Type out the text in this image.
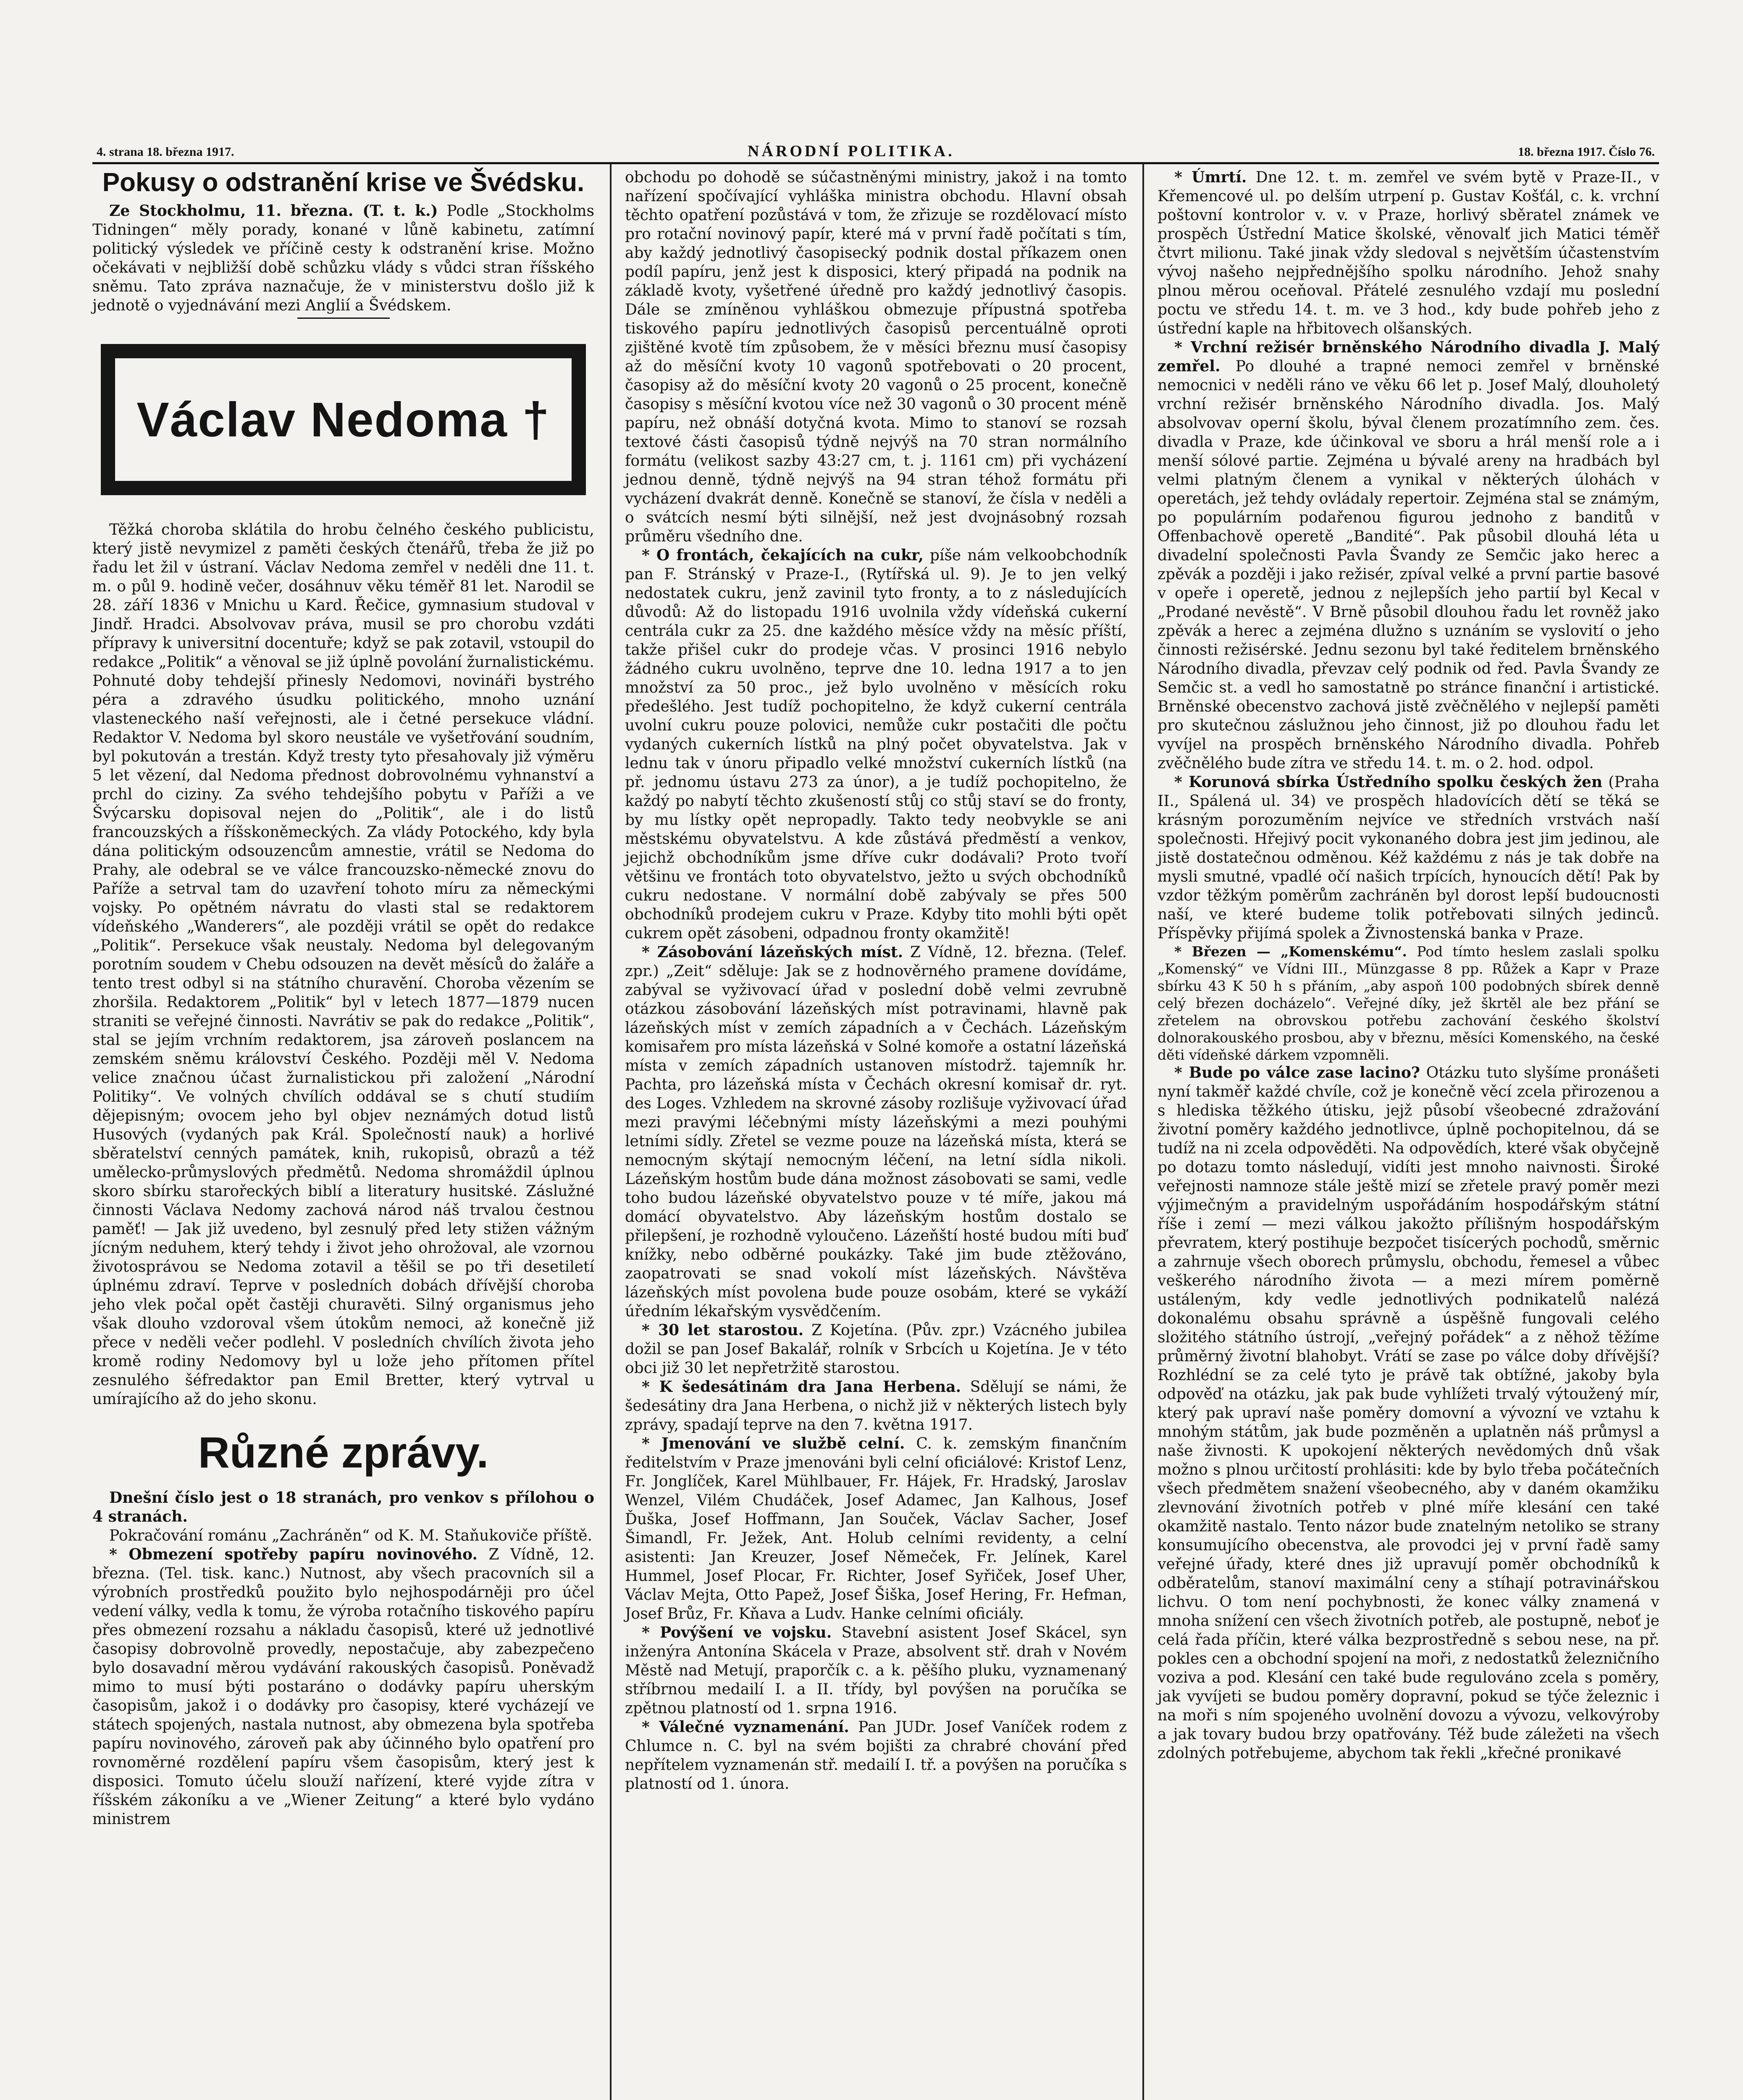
4. strana 18. března 1917.	NÁRODNÍ POLITIKA.	18. března 1917. Číslo 76.
Pokusy o odstranění krise ve Švédsku.

Ze Stockholmu, 11. března. (T. t. k.) Podle „Stockholms Tidningen“ měly porady, konané v lůně kabinetu, zatímní politický výsledek ve příčině cesty k odstranění krise. Možno očekávati v nejbližší době schůzku vlády s vůdci stran říšského sněmu. Tato zpráva naznačuje, že v ministerstvu došlo již k jednotě o vyjednávání mezi Anglií a Švédskem.

Václav Nedoma †

Těžká choroba sklátila do hrobu čelného českého publicistu, který jistě nevymizel z paměti českých čtenářů, třeba že již po řadu let žil v ústraní. Václav Nedoma zemřel v neděli dne 11. t. m. o půl 9. hodině večer, dosáhnuv věku téměř 81 let. Narodil se 28. září 1836 v Mnichu u Kard. Řečice, gymnasium studoval v Jindř. Hradci. Absolvovav práva, musil se pro chorobu vzdáti přípravy k universitní docentuře; když se pak zotavil, vstoupil do redakce „Politik“ a věnoval se již úplně povolání žurnalistickému. Pohnuté doby tehdejší přinesly Nedomovi, novináři bystrého péra a zdravého úsudku politického, mnoho uznání vlasteneckého naší veřejnosti, ale i četné persekuce vládní. Redaktor V. Nedoma byl skoro neustále ve vyšetřování soudním, byl pokutován a trestán. Když tresty tyto přesahovaly již výměru 5 let vězení, dal Nedoma přednost dobrovolnému vyhnanství a prchl do ciziny. Za svého tehdejšího pobytu v Paříži a ve Švýcarsku dopisoval nejen do „Politik“, ale i do listů francouzských a říšskoněmeckých. Za vlády Potockého, kdy byla dána politickým odsouzencům amnestie, vrátil se Nedoma do Prahy, ale odebral se ve válce francouzsko-německé znovu do Paříže a setrval tam do uzavření tohoto míru za německými vojsky. Po opětném návratu do vlasti stal se redaktorem vídeňského „Wanderers“, ale později vrátil se opět do redakce „Politik“. Persekuce však neustaly. Nedoma byl delegovaným porotním soudem v Chebu odsouzen na devět měsíců do žaláře a tento trest odbyl si na státního churavění. Choroba vězením se zhoršila. Redaktorem „Politik“ byl v letech 1877—1879 nucen straniti se veřejné činnosti. Navrátiv se pak do redakce „Politik“, stal se jejím vrchním redaktorem, jsa zároveň poslancem na zemském sněmu království Českého. Později měl V. Nedoma velice značnou účast žurnalistickou při založení „Národní Politiky“. Ve volných chvílích oddával se s chutí studiím dějepisným; ovocem jeho byl objev neznámých dotud listů Husových (vydaných pak Král. Společností nauk) a horlivé sběratelství cenných památek, knih, rukopisů, obrazů a též umělecko-průmyslových předmětů. Nedoma shromáždil úplnou skoro sbírku starořeckých biblí a literatury husitské. Záslužné činnosti Václava Nedomy zachová národ náš trvalou čestnou paměť! — Jak již uvedeno, byl zesnulý před lety stižen vážným jícným neduhem, který tehdy i život jeho ohrožoval, ale vzornou životosprávou se Nedoma zotavil a těšil se po tři desetiletí úplnému zdraví. Teprve v posledních dobách dřívější choroba jeho vlek počal opět častěji churavěti. Silný organismus jeho však dlouho vzdoroval všem útokům nemoci, až konečně již přece v neděli večer podlehl. V posledních chvílích života jeho kromě rodiny Nedomovy byl u lože jeho přítomen přítel zesnulého šéfredaktor pan Emil Bretter, který vytrval u umírajícího až do jeho skonu.

Různé zprávy.

Dnešní číslo jest o 18 stranách, pro venkov s přílohou o 4 stranách.

Pokračování románu „Zachráněn“ od K. M. Staňukoviče příště.

* Obmezení spotřeby papíru novinového. Z Vídně, 12. března. (Tel. tisk. kanc.) Nutnost, aby všech pracovních sil a výrobních prostředků použito bylo nejhospodárněji pro účel vedení války, vedla k tomu, že výroba rotačního tiskového papíru přes obmezení rozsahu a nákladu časopisů, které už jednotlivé časopisy dobrovolně provedly, nepostačuje, aby zabezpečeno bylo dosavadní měrou vydávání rakouských časopisů. Poněvadž mimo to musí býti postaráno o dodávky papíru uherským časopisům, jakož i o dodávky pro časopisy, které vycházejí ve státech spojených, nastala nutnost, aby obmezena byla spotřeba papíru novinového, zároveň pak aby účinného bylo opatření pro rovnoměrné rozdělení papíru všem časopisům, který jest k disposici. Tomuto účelu slouží nařízení, které vyjde zítra v říšském zákoníku a ve „Wiener Zeitung“ a které bylo vydáno ministrem

obchodu po dohodě se súčastněnými ministry, jakož i na tomto nařízení spočívající vyhláška ministra obchodu. Hlavní obsah těchto opatření pozůstává v tom, že zřizuje se rozdělovací místo pro rotační novinový papír, které má v první řadě počítati s tím, aby každý jednotlivý časopisecký podnik dostal příkazem onen podíl papíru, jenž jest k disposici, který připadá na podnik na základě kvoty, vyšetřené úředně pro každý jednotlivý časopis. Dále se zmíněnou vyhláškou obmezuje přípustná spotřeba tiskového papíru jednotlivých časopisů percentuálně oproti zjištěné kvotě tím způsobem, že v měsíci březnu musí časopisy až do měsíční kvoty 10 vagonů spotřebovati o 20 procent, časopisy až do měsíční kvoty 20 vagonů o 25 procent, konečně časopisy s měsíční kvotou více než 30 vagonů o 30 procent méně papíru, než obnáší dotyčná kvota. Mimo to stanoví se rozsah textové části časopisů týdně nejvýš na 70 stran normálního formátu (velikost sazby 43:27 cm, t. j. 1161 cm) při vycházení jednou denně, týdně nejvýš na 94 stran téhož formátu při vycházení dvakrát denně. Konečně se stanoví, že čísla v neděli a o svátcích nesmí býti silnější, než jest dvojnásobný rozsah průměru všedního dne.

* O frontách, čekajících na cukr, píše nám velkoobchodník pan F. Stránský v Praze-I., (Rytířská ul. 9). Je to jen velký nedostatek cukru, jenž zavinil tyto fronty, a to z následujících důvodů: Až do listopadu 1916 uvolnila vždy vídeňská cukerní centrála cukr za 25. dne každého měsíce vždy na měsíc příští, takže přišel cukr do prodeje včas. V prosinci 1916 nebylo žádného cukru uvolněno, teprve dne 10. ledna 1917 a to jen množství za 50 proc., jež bylo uvolněno v měsících roku předešlého. Jest tudíž pochopitelno, že když cukerní centrála uvolní cukru pouze polovici, nemůže cukr postačiti dle počtu vydaných cukerních lístků na plný počet obyvatelstva. Jak v lednu tak v únoru připadlo velké množství cukerních lístků (na př. jednomu ústavu 273 za únor), a je tudíž pochopitelno, že každý po nabytí těchto zkušeností stůj co stůj staví se do fronty, by mu lístky opět nepropadly. Takto tedy neobvykle se ani městskému obyvatelstvu. A kde zůstává předměstí a venkov, jejichž obchodníkům jsme dříve cukr dodávali? Proto tvoří většinu ve frontách toto obyvatelstvo, ježto u svých obchodníků cukru nedostane. V normální době zabývaly se přes 500 obchodníků prodejem cukru v Praze. Kdyby tito mohli býti opět cukrem opět zásobeni, odpadnou fronty okamžitě!

* Zásobování lázeňských míst. Z Vídně, 12. března. (Telef. zpr.) „Zeit“ sděluje: Jak se z hodnověrného pramene dovídáme, zabýval se vyživovací úřad v poslední době velmi zevrubně otázkou zásobování lázeňských míst potravinami, hlavně pak lázeňských míst v zemích západních a v Čechách. Lázeňským komisařem pro místa lázeňská v Solné komoře a ostatní lázeňská místa v zemích západních ustanoven místodrž. tajemník hr. Pachta, pro lázeňská místa v Čechách okresní komisař dr. ryt. des Loges. Vzhledem na skrovné zásoby rozlišuje vyživovací úřad mezi pravými léčebnými místy lázeňskými a mezi pouhými letními sídly. Zřetel se vezme pouze na lázeňská místa, která se nemocným skýtají nemocným léčení, na letní sídla nikoli. Lázeňským hostům bude dána možnost zásobovati se sami, vedle toho budou lázeňské obyvatelstvo pouze v té míře, jakou má domácí obyvatelstvo. Aby lázeňským hostům dostalo se přilepšení, je rozhodně vyloučeno. Lázeňští hosté budou míti buď knížky, nebo odběrné poukázky. Také jim bude ztěžováno, zaopatrovati se snad vokolí míst lázeňských. Návštěva lázeňských míst povolena bude pouze osobám, které se vykáží úředním lékařským vysvědčením.

* 30 let starostou. Z Kojetína. (Pův. zpr.) Vzácného jubilea dožil se pan Josef Bakalář, rolník v Srbcích u Kojetína. Je v této obci již 30 let nepřetržitě starostou.

* K šedesátinám dra Jana Herbena. Sdělují se námi, že šedesátiny dra Jana Herbena, o nichž již v některých listech byly zprávy, spadají teprve na den 7. května 1917.

* Jmenování ve službě celní. C. k. zemským finančním ředitelstvím v Praze jmenováni byli celní oficiálové: Kristof Lenz, Fr. Jonglíček, Karel Mühlbauer, Fr. Hájek, Fr. Hradský, Jaroslav Wenzel, Vilém Chudáček, Josef Adamec, Jan Kalhous, Josef Ďuška, Josef Hoffmann, Jan Souček, Václav Sacher, Josef Šimandl, Fr. Ježek, Ant. Holub celními revidenty, a celní asistenti: Jan Kreuzer, Josef Němeček, Fr. Jelínek, Karel Hummel, Josef Plocar, Fr. Richter, Josef Syřiček, Josef Uher, Václav Mejta, Otto Papež, Josef Šiška, Josef Hering, Fr. Hefman, Josef Brůz, Fr. Kňava a Ludv. Hanke celními oficiály.

* Povýšení ve vojsku. Stavební asistent Josef Skácel, syn inženýra Antonína Skácela v Praze, absolvent stř. drah v Novém Městě nad Metují, praporčík c. a k. pěšího pluku, vyznamenaný stříbrnou medailí I. a II. třídy, byl povýšen na poručíka se zpětnou platností od 1. srpna 1916.

* Válečné vyznamenání. Pan JUDr. Josef Vaníček rodem z Chlumce n. C. byl na svém bojišti za chrabré chování před nepřítelem vyznamenán stř. medailí I. tř. a povýšen na poručíka s platností od 1. února.

* Úmrtí. Dne 12. t. m. zemřel ve svém bytě v Praze-II., v Křemencové ul. po delším utrpení p. Gustav Košťál, c. k. vrchní poštovní kontrolor v. v. v Praze, horlivý sběratel známek ve prospěch Ústřední Matice školské, věnovalť jich Matici téměř čtvrt milionu. Také jinak vždy sledoval s největším účastenstvím vývoj našeho nejpřednějšího spolku národního. Jehož snahy plnou měrou oceňoval. Přátelé zesnulého vzdají mu poslední poctu ve středu 14. t. m. ve 3 hod., kdy bude pohřeb jeho z ústřední kaple na hřbitovech olšanských.

* Vrchní režisér brněnského Národního divadla J. Malý zemřel. Po dlouhé a trapné nemoci zemřel v brněnské nemocnici v neděli ráno ve věku 66 let p. Josef Malý, dlouholetý vrchní režisér brněnského Národního divadla. Jos. Malý absolvovav operní školu, býval členem prozatímního zem. čes. divadla v Praze, kde účinkoval ve sboru a hrál menší role a i menší sólové partie. Zejména u bývalé areny na hradbách byl velmi platným členem a vynikal v některých úlohách v operetách, jež tehdy ovládaly repertoir. Zejména stal se známým, po populárním podařenou figurou jednoho z banditů v Offenbachově operetě „Bandité“. Pak působil dlouhá léta u divadelní společnosti Pavla Švandy ze Semčic jako herec a zpěvák a později i jako režisér, zpíval velké a první partie basové v opeře i operetě, jednou z nejlepších jeho partií byl Kecal v „Prodané nevěstě“. V Brně působil dlouhou řadu let rovněž jako zpěvák a herec a zejména dlužno s uznáním se vyslovití o jeho činnosti režisérské. Jednu sezonu byl také ředitelem brněnského Národního divadla, převzav celý podnik od řed. Pavla Švandy ze Semčic st. a vedl ho samostatně po stránce finanční i artistické. Brněnské obecenstvo zachová jistě zvěčnělého v nejlepší paměti pro skutečnou záslužnou jeho činnost, již po dlouhou řadu let vyvíjel na prospěch brněnského Národního divadla. Pohřeb zvěčnělého bude zítra ve středu 14. t. m. o 2. hod. odpol.

* Korunová sbírka Ústředního spolku českých žen (Praha II., Spálená ul. 34) ve prospěch hladovících dětí se těká se krásným porozuměním nejvíce ve středních vrstvách naší společnosti. Hřejivý pocit vykonaného dobra jest jim jedinou, ale jistě dostatečnou odměnou. Kéž každému z nás je tak dobře na mysli smutné, vpadlé očí našich trpících, hynoucích dětí! Pak by vzdor těžkým poměrům zachráněn byl dorost lepší budoucnosti naší, ve které budeme tolik potřebovati silných jedinců. Příspěvky přijímá spolek a Živnostenská banka v Praze.

* Březen — „Komenskému“. Pod tímto heslem zaslali spolku „Komenský“ ve Vídni III., Münzgasse 8 pp. Růžek a Kapr v Praze sbírku 43 K 50 h s přáním, „aby aspoň 100 podobných sbírek denně celý březen docházelo“. Veřejné díky, jež škrtěl ale bez přání se zřetelem na obrovskou potřebu zachování českého školství dolnorakouského prosbou, aby v březnu, měsíci Komenského, na české děti vídeňské dárkem vzpomněli.

* Bude po válce zase lacino? Otázku tuto slyšíme pronášeti nyní takměř každé chvíle, což je konečně věcí zcela přirozenou a s hlediska těžkého útisku, jejž působí všeobecné zdražování životní poměry každého jednotlivce, úplně pochopitelnou, dá se tudíž na ni zcela odpověděti. Na odpovědích, které však obyčejně po dotazu tomto následují, vidíti jest mnoho naivnosti. Široké veřejnosti namnoze stále ještě mizí se zřetele pravý poměr mezi výjimečným a pravidelným uspořádáním hospodářským státní říše i zemí — mezi válkou jakožto přílišným hospodářským převratem, který postihuje bezpočet tisícerých pochodů, směrnic a zahrnuje všech oborech průmyslu, obchodu, řemesel a vůbec veškerého národního života — a mezi mírem poměrně ustáleným, kdy vedle jednotlivých podnikatelů nalézá dokonalému obsahu správně a úspěšně fungovali celého složitého státního ústrojí, „veřejný pořádek“ a z něhož těžíme průměrný životní blahobyt. Vrátí se zase po válce doby dřívější? Rozhlédní se za celé tyto je právě tak obtížné, jakoby byla odpověď na otázku, jak pak bude vyhlížeti trvalý výtoužený mír, který pak upraví naše poměry domovní a vývozní ve vztahu k mnohým státům, jak bude pozměněn a uplatněn náš průmysl a naše živnosti. K upokojení některých nevědomých dnů však možno s plnou určitostí prohlásiti: kde by bylo třeba počátečních všech předmětem snažení všeobecného, aby v daném okamžiku zlevnování životních potřeb v plné míře klesání cen také okamžitě nastalo. Tento názor bude znatelným netoliko se strany konsumujícího obecenstva, ale provodci jej v první řadě samy veřejné úřady, které dnes již upravují poměr obchodníků k odběratelům, stanoví maximální ceny a stíhají potravinářskou lichvu. O tom není pochybnosti, že konec války znamená v mnoha snížení cen všech životních potřeb, ale postupně, neboť je celá řada příčin, které válka bezprostředně s sebou nese, na př. pokles cen a obchodní spojení na moři, z nedostatků železničního voziva a pod. Klesání cen také bude regulováno zcela s poměry, jak vyvíjeti se budou poměry dopravní, pokud se týče železnic i na moři s ním spojeného uvolnění dovozu a vývozu, velkovýroby a jak tovary budou brzy opatřovány. Též bude záležeti na všech zdolných potřebujeme, abychom tak řekli „křečné pronikavé
